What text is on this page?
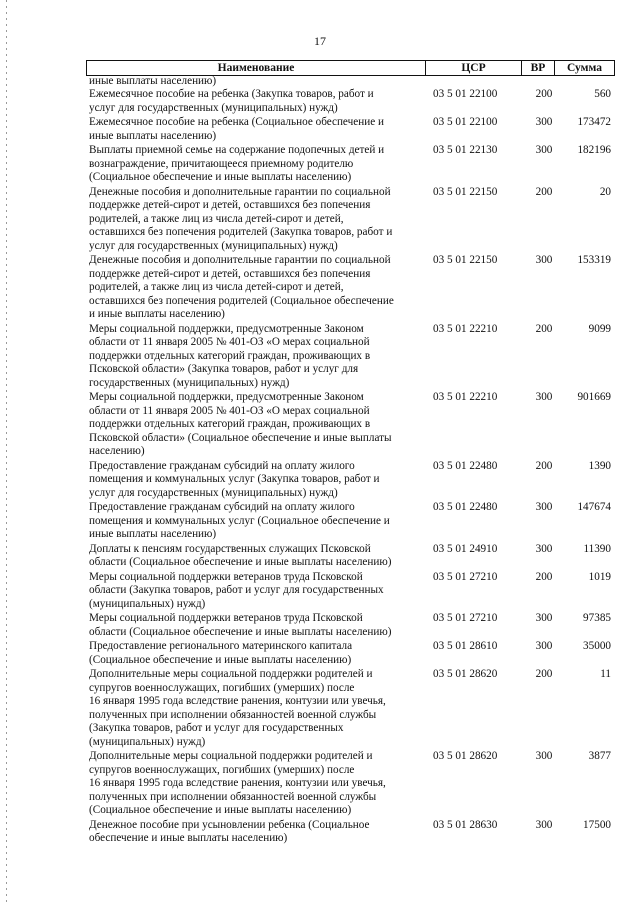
17
Наименование	ЦСР	ВР	Сумма
иные выплаты населению)
Ежемесячное пособие на ребенка (Закупка товаров, работ и
услуг для государственных (муниципальных) нужд)
03 5 01 22100	200	560
Ежемесячное пособие на ребенка (Социальное обеспечение и
иные выплаты населению)
03 5 01 22100	300	173472
Выплаты приемной семье на содержание подопечных детей и
вознаграждение, причитающееся приемному родителю
(Социальное обеспечение и иные выплаты населению)
03 5 01 22130	300	182196
Денежные пособия и дополнительные гарантии по социальной
поддержке детей-сирот и детей, оставшихся без попечения
родителей, а также лиц из числа детей-сирот и детей,
оставшихся без попечения родителей (Закупка товаров, работ и
услуг для государственных (муниципальных) нужд)
03 5 01 22150	200	20
Денежные пособия и дополнительные гарантии по социальной
поддержке детей-сирот и детей, оставшихся без попечения
родителей, а также лиц из числа детей-сирот и детей,
оставшихся без попечения родителей (Социальное обеспечение
и иные выплаты населению)
03 5 01 22150	300	153319
Меры социальной поддержки, предусмотренные Законом
области от 11 января 2005 № 401-ОЗ «О мерах социальной
поддержки отдельных категорий граждан, проживающих в
Псковской области» (Закупка товаров, работ и услуг для
государственных (муниципальных) нужд)
03 5 01 22210	200	9099
Меры социальной поддержки, предусмотренные Законом
области от 11 января 2005 № 401-ОЗ «О мерах социальной
поддержки отдельных категорий граждан, проживающих в
Псковской области» (Социальное обеспечение и иные выплаты
населению)
03 5 01 22210	300	901669
Предоставление гражданам субсидий на оплату жилого
помещения и коммунальных услуг (Закупка товаров, работ и
услуг для государственных (муниципальных) нужд)
03 5 01 22480	200	1390
Предоставление гражданам субсидий на оплату жилого
помещения и коммунальных услуг (Социальное обеспечение и
иные выплаты населению)
03 5 01 22480	300	147674
Доплаты к пенсиям государственных служащих Псковской
области (Социальное обеспечение и иные выплаты населению)
03 5 01 24910	300	11390
Меры социальной поддержки ветеранов труда Псковской
области (Закупка товаров, работ и услуг для государственных
(муниципальных) нужд)
03 5 01 27210	200	1019
Меры социальной поддержки ветеранов труда Псковской
области (Социальное обеспечение и иные выплаты населению)
03 5 01 27210	300	97385
Предоставление регионального материнского капитала
(Социальное обеспечение и иные выплаты населению)
03 5 01 28610	300	35000
Дополнительные меры социальной поддержки родителей и
супругов военнослужащих, погибших (умерших) после
16 января 1995 года вследствие ранения, контузии или увечья,
полученных при исполнении обязанностей военной службы
(Закупка товаров, работ и услуг для государственных
(муниципальных) нужд)
03 5 01 28620	200	11
Дополнительные меры социальной поддержки родителей и
супругов военнослужащих, погибших (умерших) после
16 января 1995 года вследствие ранения, контузии или увечья,
полученных при исполнении обязанностей военной службы
(Социальное обеспечение и иные выплаты населению)
03 5 01 28620	300	3877
Денежное пособие при усыновлении ребенка (Социальное
обеспечение и иные выплаты населению)
03 5 01 28630	300	17500
